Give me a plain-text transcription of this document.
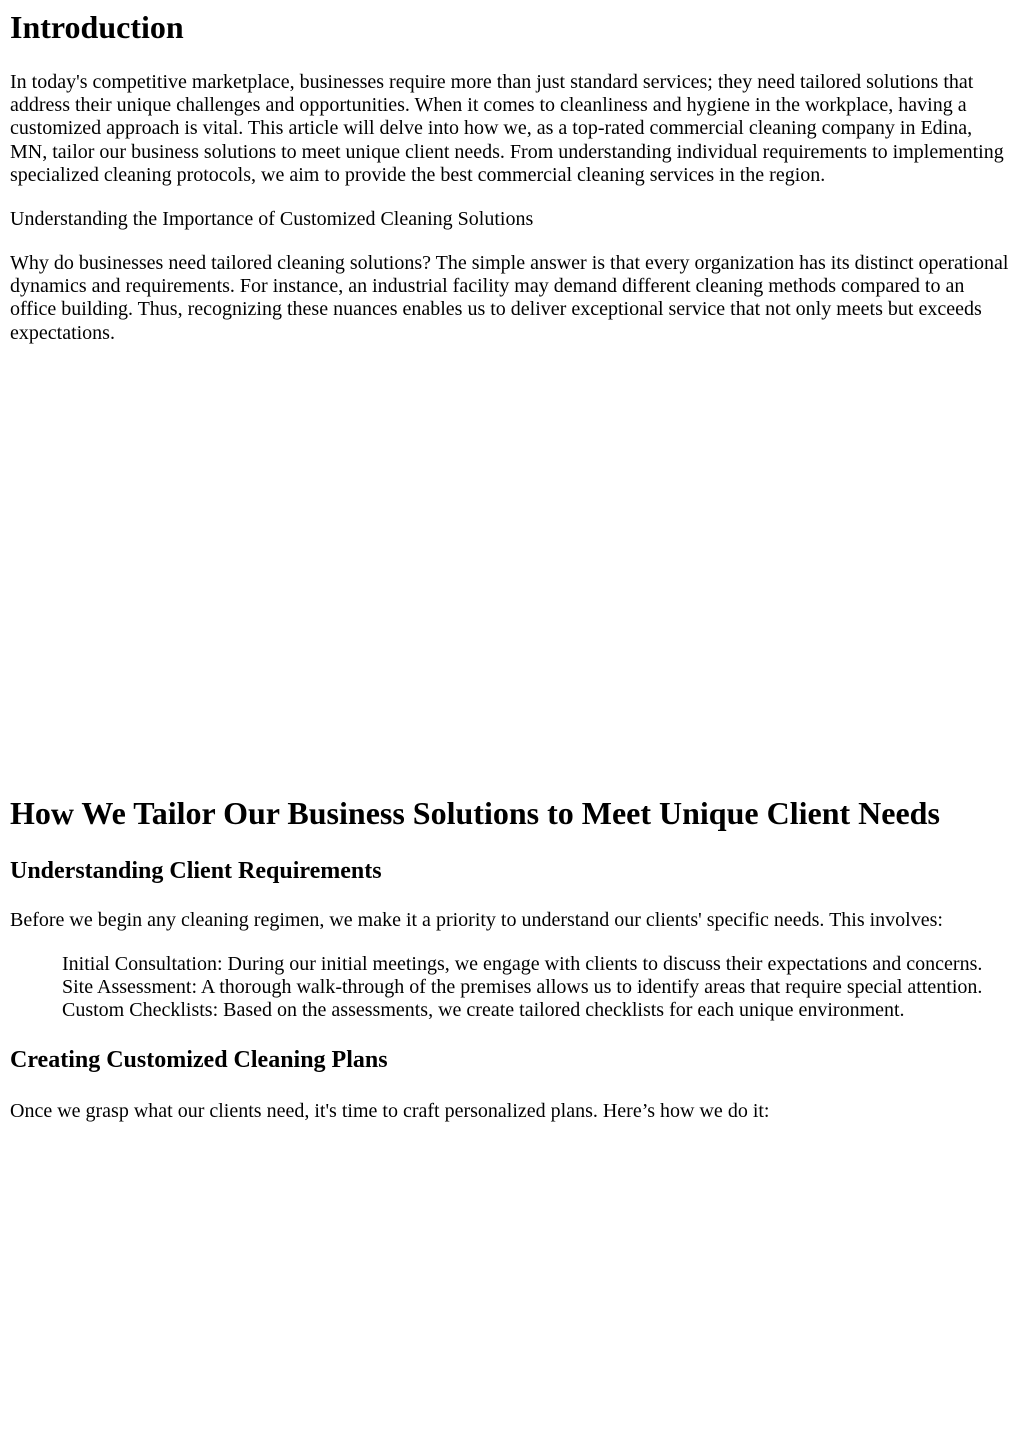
Introduction

In today's competitive marketplace, businesses require more than just standard services; they need tailored solutions that address their unique challenges and opportunities. When it comes to cleanliness and hygiene in the workplace, having a customized approach is vital. This article will delve into how we, as a top-rated commercial cleaning company in Edina, MN, tailor our business solutions to meet unique client needs. From understanding individual requirements to implementing specialized cleaning protocols, we aim to provide the best commercial cleaning services in the region.

Understanding the Importance of Customized Cleaning Solutions

Why do businesses need tailored cleaning solutions? The simple answer is that every organization has its distinct operational dynamics and requirements. For instance, an industrial facility may demand different cleaning methods compared to an office building. Thus, recognizing these nuances enables us to deliver exceptional service that not only meets but exceeds expectations.

How We Tailor Our Business Solutions to Meet Unique Client Needs
Understanding Client Requirements

Before we begin any cleaning regimen, we make it a priority to understand our clients' specific needs. This involves:

Initial Consultation: During our initial meetings, we engage with clients to discuss their expectations and concerns.
Site Assessment: A thorough walk-through of the premises allows us to identify areas that require special attention.
Custom Checklists: Based on the assessments, we create tailored checklists for each unique environment.
Creating Customized Cleaning Plans

Once we grasp what our clients need, it's time to craft personalized plans. Here’s how we do it:
